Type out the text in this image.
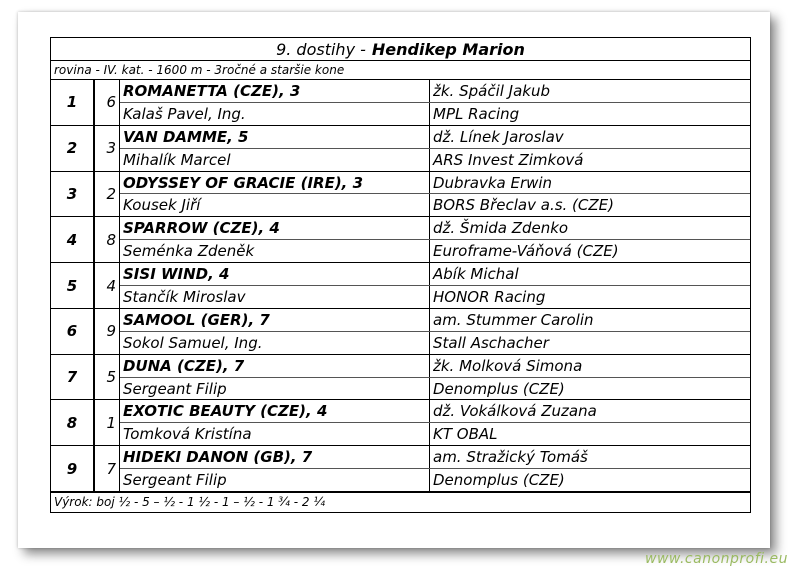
9. dostihy - Hendikep Marion
rovina - IV. kat. - 1600 m - 3ročné a staršie kone
1	6	ROMANETTA (CZE), 3	žk. Spáčil Jakub
		Kalaš Pavel, Ing.	MPL Racing
2	3	VAN DAMME, 5	dž. Línek Jaroslav
		Mihalík Marcel	ARS Invest Zimková
3	2	ODYSSEY OF GRACIE (IRE), 3	Dubravka Erwin
		Kousek Jiří	BORS Břeclav a.s. (CZE)
4	8	SPARROW (CZE), 4	dž. Šmida Zdenko
		Seménka Zdeněk	Euroframe-Váňová (CZE)
5	4	SISI WIND, 4	Abík Michal
		Stančík Miroslav	HONOR Racing
6	9	SAMOOL (GER), 7	am. Stummer Carolin
		Sokol Samuel, Ing.	Stall Aschacher
7	5	DUNA (CZE), 7	žk. Molková Simona
		Sergeant Filip	Denomplus (CZE)
8	1	EXOTIC BEAUTY (CZE), 4	dž. Vokálková Zuzana
		Tomková Kristína	KT OBAL
9	7	HIDEKI DANON (GB), 7	am. Stražický Tomáš
		Sergeant Filip	Denomplus (CZE)
Výrok: boj ½ - 5 – ½ - 1 ½ - 1 – ½ - 1 ¾ - 2 ¼
www.canonprofi.eu
